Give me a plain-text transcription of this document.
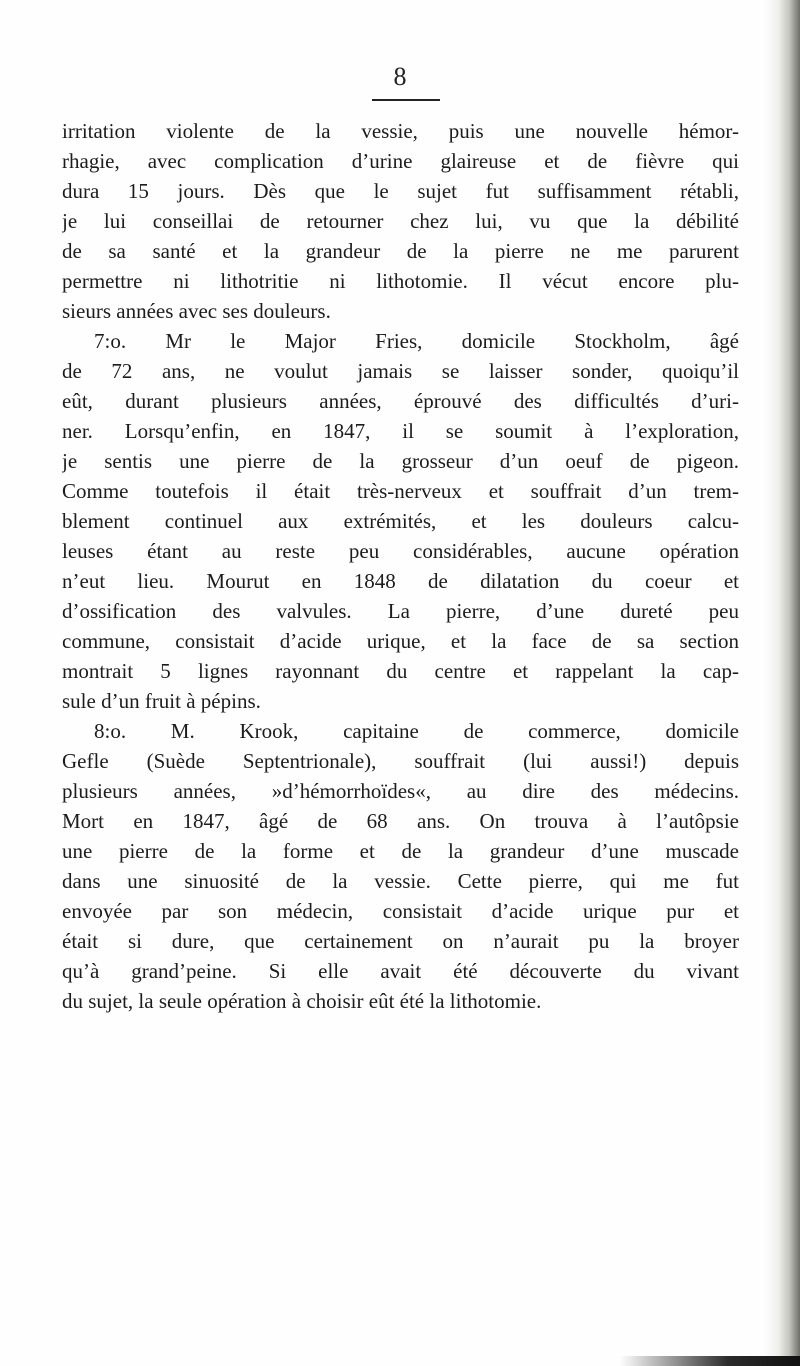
8
irritation violente de la vessie, puis une nouvelle hémor-
rhagie, avec complication d’urine glaireuse et de fièvre qui
dura 15 jours. Dès que le sujet fut suffisamment rétabli,
je lui conseillai de retourner chez lui, vu que la débilité
de sa santé et la grandeur de la pierre ne me parurent
permettre ni lithotritie ni lithotomie. Il vécut encore plu-
sieurs années avec ses douleurs.
7:o. Mr le Major Fries, domicile Stockholm, âgé
de 72 ans, ne voulut jamais se laisser sonder, quoiqu’il
eût, durant plusieurs années, éprouvé des difficultés d’uri-
ner. Lorsqu’enfin, en 1847, il se soumit à l’exploration,
je sentis une pierre de la grosseur d’un oeuf de pigeon.
Comme toutefois il était très-nerveux et souffrait d’un trem-
blement continuel aux extrémités, et les douleurs calcu-
leuses étant au reste peu considérables, aucune opération
n’eut lieu. Mourut en 1848 de dilatation du coeur et
d’ossification des valvules. La pierre, d’une dureté peu
commune, consistait d’acide urique, et la face de sa section
montrait 5 lignes rayonnant du centre et rappelant la cap-
sule d’un fruit à pépins.
8:o. M. Krook, capitaine de commerce, domicile
Gefle (Suède Septentrionale), souffrait (lui aussi!) depuis
plusieurs années, »d’hémorrhoïdes«, au dire des médecins.
Mort en 1847, âgé de 68 ans. On trouva à l’autôpsie
une pierre de la forme et de la grandeur d’une muscade
dans une sinuosité de la vessie. Cette pierre, qui me fut
envoyée par son médecin, consistait d’acide urique pur et
était si dure, que certainement on n’aurait pu la broyer
qu’à grand’peine. Si elle avait été découverte du vivant
du sujet, la seule opération à choisir eût été la lithotomie.
